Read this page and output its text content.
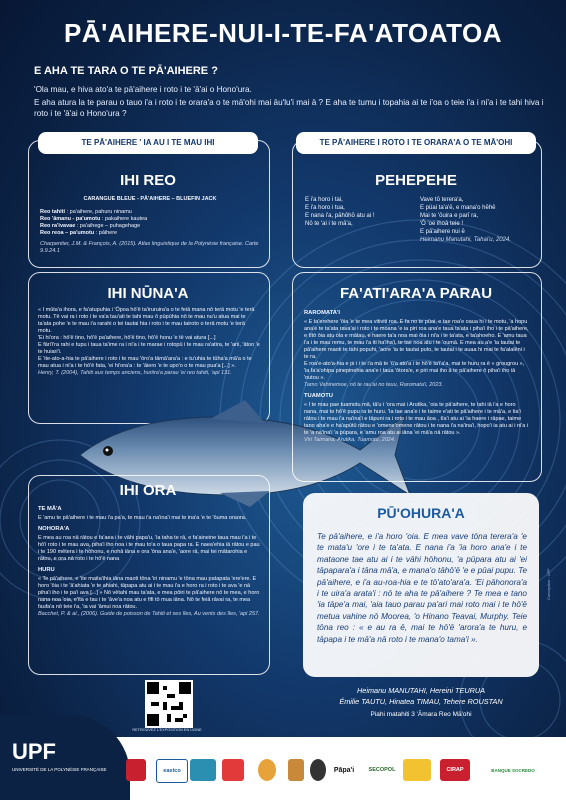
PĀ'AIHERE-NUI-I-TE-FA'ATOATOA
E AHA TE TARA O TE PĀ'AIHERE ?
'Ola mau, e hiva ato'a te pā'aihere i roto i te 'ā'ai o Hono'ura.
E aha atura la te parau o tauo i'a i roto i te orara'a o te mā'ohi mai āu'lu'i mai ā ? E aha te tumu i topahia ai te i'oa o teie i'a i ni'a i te tahi hiva i roto i te 'ā'ai o Hono'ura ?
TE PĀ'AIHERE ' IA AU I TE MAU IHI
IHI REO
CARANGUE BLEUE - PĀ'AIHERE – BLUEFIN JACK
Reo tahiti : pa'aihere, pahuru ninamu
Reo 'āmanu - pa'umotu : pakaihere kautea
Reo ra'ivavae : pa'aihege – puhagehage
Reo reoa – pa'umotu : pāihere
Charpentier, J.M. & François, A. (2015). Atlas linguistique de la Polynésie française. Carte 9.9.24.1
IHI NŪNA'A
« I mūta'a ihora, e fa'atupuhia i 'Ōpoa hō'ē ta'iruruira'a o te feiā mana nō terā motu 'e terā motu. Tē vai ra i roto i te va'a tau'ati te tahi mau ō pūpūhia nō te mau nu'u atua mai te ta'ata pohe 'e te mau i'a rarahi o tei tautai hia i roto i te mau tairoto o terā motu 'e terā motu.
'Ei hi'ora : hō'ē tino, hō'ē pa'aihere, hō'ē tino, hō'ē honu 'e tē vai atura [...]
E fāri'i'ra rahi e tupu i taua ta'ime ra i ni'a i te marae i rotopū i te mau ra'atira, te 'arii, 'ātoo 'e te huiari'i.
E 'ite-ato-a-hia te pā'aihere i roto i te mau 'ōro'a tāmā'ara'a : e tu'uhia te tūha'a mā'a o te mau atua i ni'a i te hō'ē fata, 'ei hi'ora'a : te 'āiero 'e te upo'o o te mau pua'a [...] ».
Henry, T. (2004), Tahiti aux temps anciens, huriira'a parau 'ei reo tahiti, 'api 131.
IHI ORA
TE MĀ'A
E 'amu te pā'aihere i te mau i'a pa'a, te mau i'a na'ina'i mai te ina'a 'e te 'ōuma oraora.
NOHORA'A
E mea au roa nā rātou e fa'aea i te vāhi papa'u, 'ia taha te rā, e fa'aineine taua mau i'a i te hō'i roto i te mau ava, piha'i iho noa i te mau to'a o taua papa ra. E naea'ehia iā rātou e pau i te 190 mētera i te hōhonu, e nohā iāna e ora 'ōna ana'e, 'aore rā, mai tei mātarohia e rātou, e ora nā roto i te hō'ē nana
HURU
« Te pā'aihere, e 'ite maita'ihia iāna maoti tōna 'iri ninamu 'e tōna mau patapata 'ere'ere. E horo 'ōia i te 'ā'ahiata 'e te ahiahi, tāpapa atu ai i te mau i'a e horo ra i roto i te ava 'e nā piha'i iho i te pa'i ava [...] » Nō vētahi mau ta'ata, e mea pōiri te pā'aihere nō te mea, e horo nana noa 'oia, e'ita e tau i te 'āve'a noa atu e fifi tō mua iāna. Nō te feiā rāvai ra, te mea faufa'a nō teie i'a, 'ia vai 'āmui noa rātou.
Bacchet, P. & al., (2006). Guide de poisson de Tahiti et ses îles, Au vents des îles, 'api 257.
TE PĀ'AIHERE I ROTO I TE ORARA'A O TE MĀ'OHI
PEHEPEHE
E i'a horo i tai,
E i'a horo i tua,
E nana i'a, pāhōhō atu ai !
Nō te 'ai i te mā'a,
Vave tō terera'a,
E püai ta'a'ē, e mana'o hēhē
Mai te 'ōuira e parī ra,
'Ō 'oe ihoā teie !
E pā'aihere nui ē
Heimanu Manutahi, Tahai'u, 2024.
FA'ATI'ARA'A PARAU
RAROMATA'I
« E ta'erehere 'ōia 'e te mea vitiviti roa. E fa no te pūai, e tae roa'e oaua hi i te motu, 'a hopu ana'e te ta'ata rava'ai i roto i te moana 'e ia piri roa ana'e taua ta'ata i piha'i iho i te pā'aihere, e tītō ōia atu ola e mātau, e haere ta'a noa mai ōia i ni'a i te ta'ata, e ta'ahoeho. E 'amu taua i'a i te mau remu, te mau i'a iti ha'iha'i, te tae noa atu i te 'oumā. E mea au a'e 'ia tautai te pā'aihere maoti te tahi popuhi, 'aore 'ia te tautai puto, te tautai i te auaa hi mai te fa'alalēni i te ra.
E roa'e-ato'a-hia e pi i i te i'a mā te 'ū'a ato'a i te hō'ē ta'i'a'a, mai te huru ra ē « grougrou », 'ia fa'a'ohipa pinepinehia ana'e i taua 'ōtora'e, e piri mai iho ā te pā'aihere ō piha'i iho iā 'outou ».
Tamo Vahinemoe, nō te rau'ai no teuu, Raromata'i, 2023.
TUAMOTU
« I te mau pae tuamotu mā, tā'u i 'ora mai i Arutika, 'oia te pā'aihere, te tahi iā i'a e horo nana, mai te hō'ē pupu ra te huru. 'Ia tae ana'e i te taime e'ati te pā'aihere i te mā'a, e tia'i rātou i te mau i'a na'ina'i e tāpuni ra i roto i te mau āoa , tīa'i atu ai 'ia haere i rāpae, taime tano aha'e e ha'apūtū rātou e 'omene'omene rātou i te nana i'a na'ina'i, hopo'i ia atu ai i ni'a i te 'a na'ina'i 'a pūpara, e 'amu roa atu ai iāna 'ei mā'a nā rātou ».
Viri Taimana, Arutika, Tuamotu, 2024.
PŪ'OHURA'A
Te pā'aihere, e i'a horo 'oia. E mea vave tōna terera'a 'e te mata'u 'ore i te ta'ata. E nana i'a 'ia horo ana'e i te mataone tae atu ai i te vāhi hōhonu, 'a pūpara atu ai 'ei tāpapara'a i tāna mā'a, e mana'o tāhō'ē 'e e pūai pupu. Te pā'aihere, e i'a au-roa-hia e te tō'ato'ara'a. 'Ei pāhonora'a i te uira'a arata'i : nō te aha te pā'aihere ? Te mea e tano 'ia tāpe'a mai, 'aia tauo parau pa'ari mai roto mai i te hō'ē metua vahine nō Moorea, 'o Hinano Teavai, Murphy. Teie tōna reo : « e au ra ē, mai te hō'ē 'arora'a te huru, e tāpapa i te mā'a nā roto i te mana'o tama'i ».
Heimanu MANUTAHI, Hereini TEURUA
Émilie TAUTU, Hinatea TIMAU, Tehere ROUSTAN
Piahi matahiti 3 'Āmara Reo Mā'ohi
Conception : UPF
RETROUVEZ L'EXPOSITION EN LIGNE
UPF
UNIVERSITÉ DE LA POLYNÉSIE FRANÇAISE	eastco	Pāpa'i	SECOPOL	CIRAP	BANQUE SOCREDO
